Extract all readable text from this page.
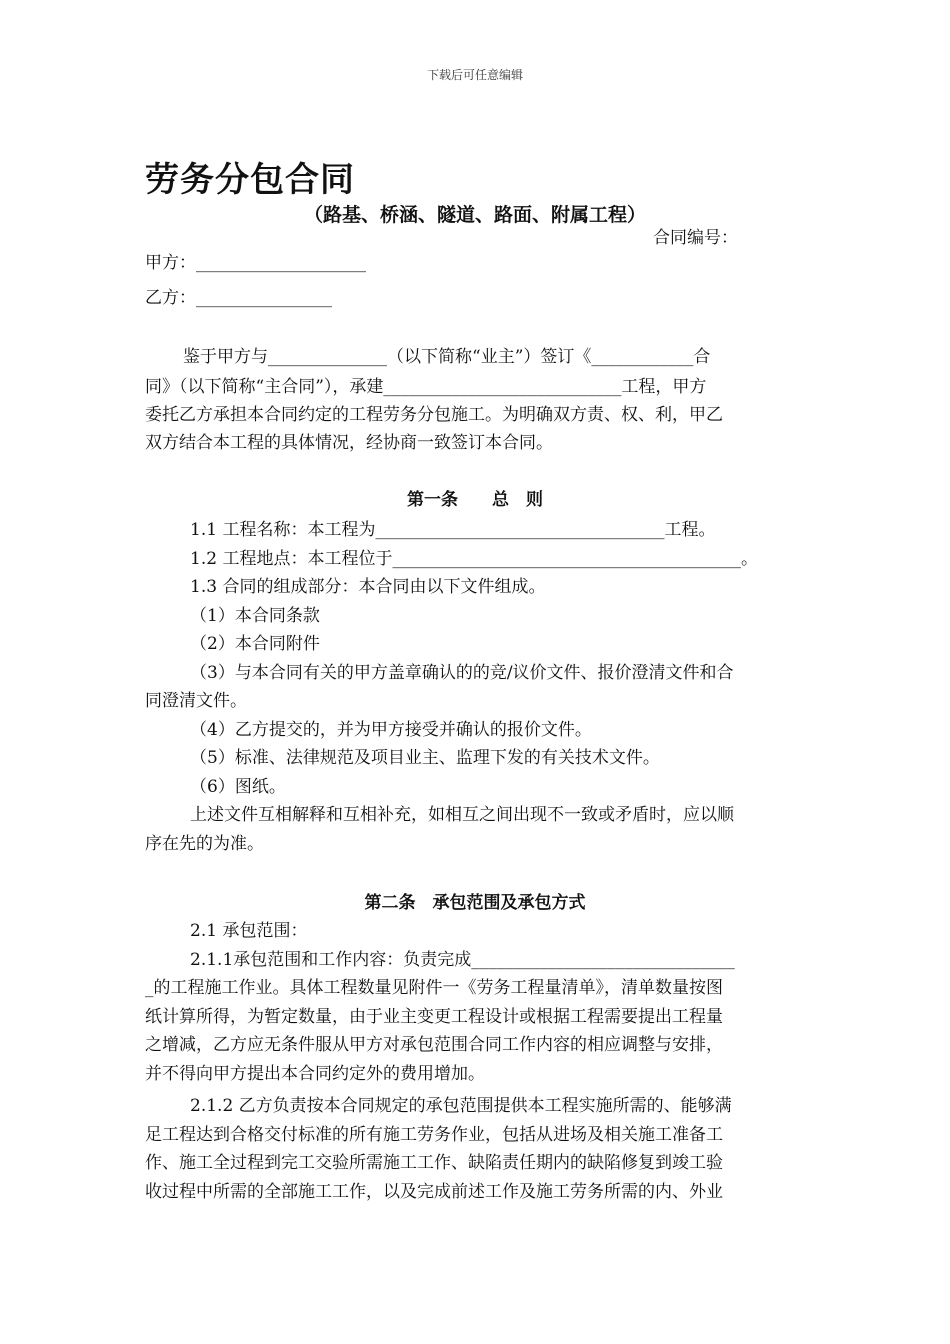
下载后可任意编辑
劳务分包合同
（路基、桥涵、隧道、路面、附属工程）
合同编号：
甲方：____________________
乙方：________________
鉴于甲方与______________（以下简称“业主”）签订《____________合
同》（以下简称“主合同”），承建____________________________工程，甲方
委托乙方承担本合同约定的工程劳务分包施工。为明确双方责、权、利，甲乙
双方结合本工程的具体情况，经协商一致签订本合同。
第一条　　总　则
1.1 工程名称：本工程为__________________________________工程。
1.2 工程地点：本工程位于_________________________________________。
1.3 合同的组成部分：本合同由以下文件组成。
（1）本合同条款
（2）本合同附件
（3）与本合同有关的甲方盖章确认的的竞/议价文件、报价澄清文件和合
同澄清文件。
（4）乙方提交的，并为甲方接受并确认的报价文件。
（5）标准、法律规范及项目业主、监理下发的有关技术文件。
（6）图纸。
上述文件互相解释和互相补充，如相互之间出现不一致或矛盾时，应以顺
序在先的为准。
第二条　承包范围及承包方式
2.1 承包范围：
2.1.1承包范围和工作内容：负责完成_______________________________
_的工程施工作业。具体工程数量见附件一《劳务工程量清单》，清单数量按图
纸计算所得，为暂定数量，由于业主变更工程设计或根据工程需要提出工程量
之增减，乙方应无条件服从甲方对承包范围合同工作内容的相应调整与安排，
并不得向甲方提出本合同约定外的费用增加。
2.1.2 乙方负责按本合同规定的承包范围提供本工程实施所需的、能够满
足工程达到合格交付标准的所有施工劳务作业，包括从进场及相关施工准备工
作、施工全过程到完工交验所需施工工作、缺陷责任期内的缺陷修复到竣工验
收过程中所需的全部施工工作，以及完成前述工作及施工劳务所需的内、外业
